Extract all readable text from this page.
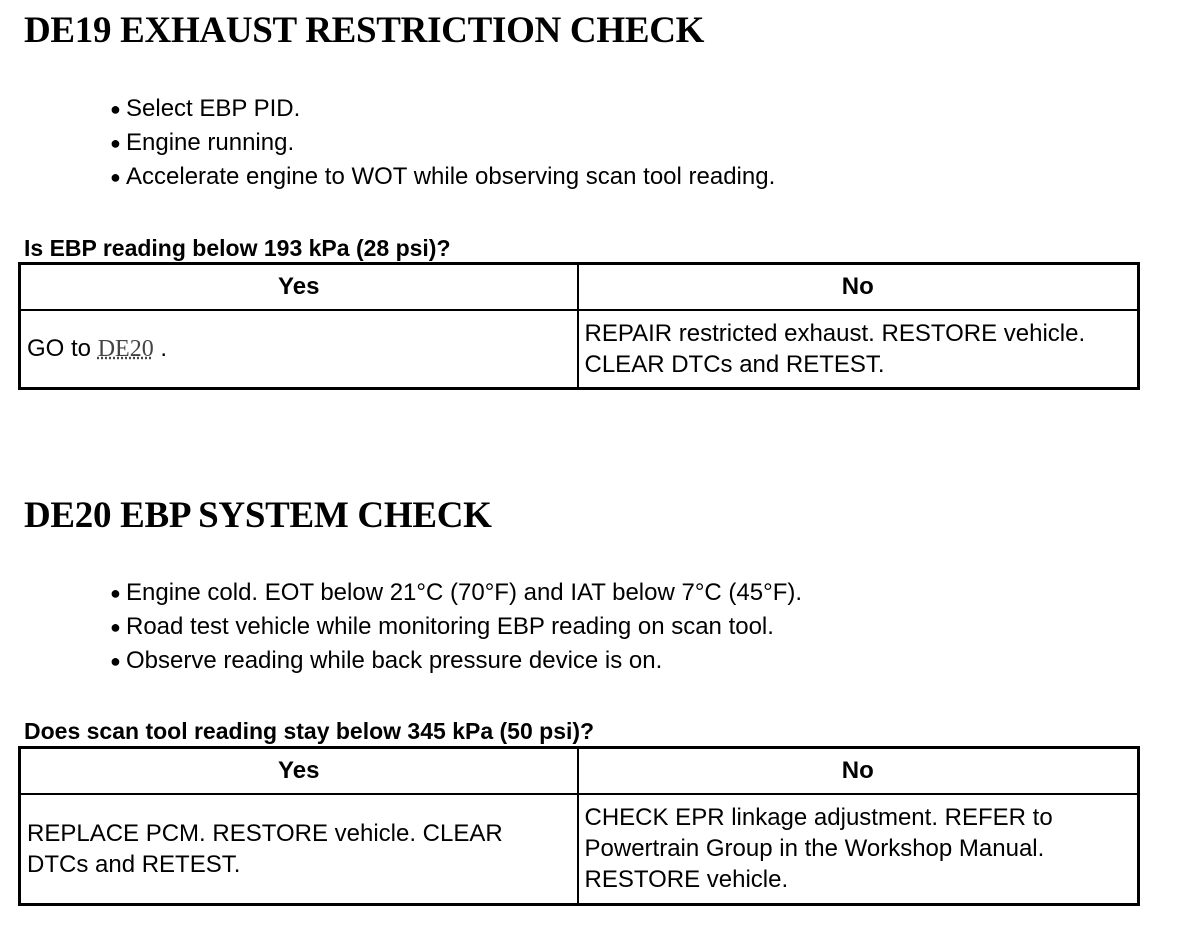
DE19 EXHAUST RESTRICTION CHECK
● Select EBP PID.
● Engine running.
● Accelerate engine to WOT while observing scan tool reading.

Is EBP reading below 193 kPa (28 psi)?

Yes	No
GO to DE20 .	REPAIR restricted exhaust. RESTORE vehicle. CLEAR DTCs and RETEST.
DE20 EBP SYSTEM CHECK
● Engine cold. EOT below 21°C (70°F) and IAT below 7°C (45°F).
● Road test vehicle while monitoring EBP reading on scan tool.
● Observe reading while back pressure device is on.

Does scan tool reading stay below 345 kPa (50 psi)?

Yes	No
REPLACE PCM. RESTORE vehicle. CLEAR DTCs and RETEST.	CHECK EPR linkage adjustment. REFER to Powertrain Group in the Workshop Manual. RESTORE vehicle.
